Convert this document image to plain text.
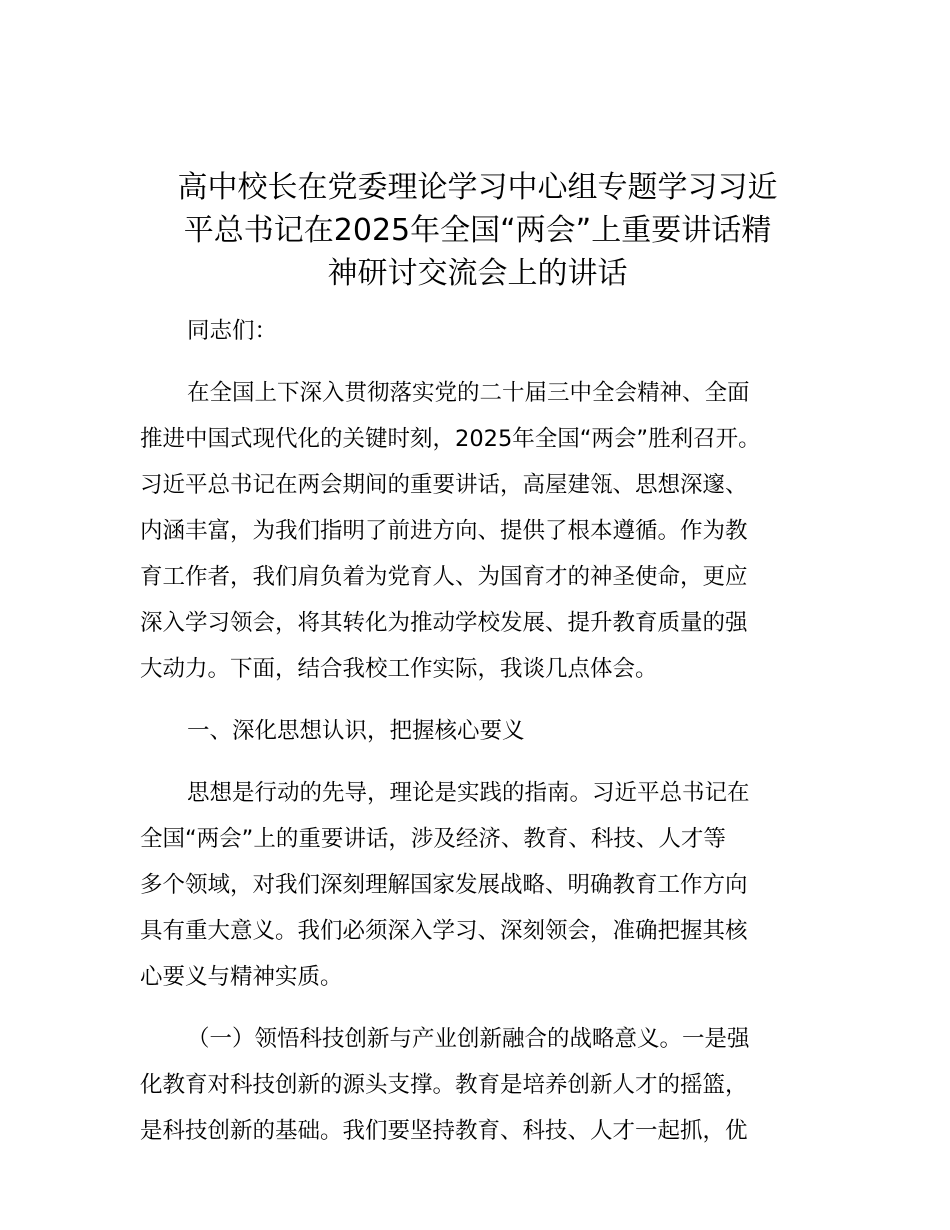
高中校长在党委理论学习中心组专题学习习近
平总书记在2025年全国“两会”上重要讲话精
神研讨交流会上的讲话
同志们：
在全国上下深入贯彻落实党的二十届三中全会精神、全面
推进中国式现代化的关键时刻，2025年全国“两会”胜利召开。
习近平总书记在两会期间的重要讲话，高屋建瓴、思想深邃、
内涵丰富，为我们指明了前进方向、提供了根本遵循。作为教
育工作者，我们肩负着为党育人、为国育才的神圣使命，更应
深入学习领会，将其转化为推动学校发展、提升教育质量的强
大动力。下面，结合我校工作实际，我谈几点体会。
一、深化思想认识，把握核心要义
思想是行动的先导，理论是实践的指南。习近平总书记在
全国“两会”上的重要讲话，涉及经济、教育、科技、人才等
多个领域，对我们深刻理解国家发展战略、明确教育工作方向
具有重大意义。我们必须深入学习、深刻领会，准确把握其核
心要义与精神实质。
（一）领悟科技创新与产业创新融合的战略意义。一是强
化教育对科技创新的源头支撑。教育是培养创新人才的摇篮，
是科技创新的基础。我们要坚持教育、科技、人才一起抓，优
